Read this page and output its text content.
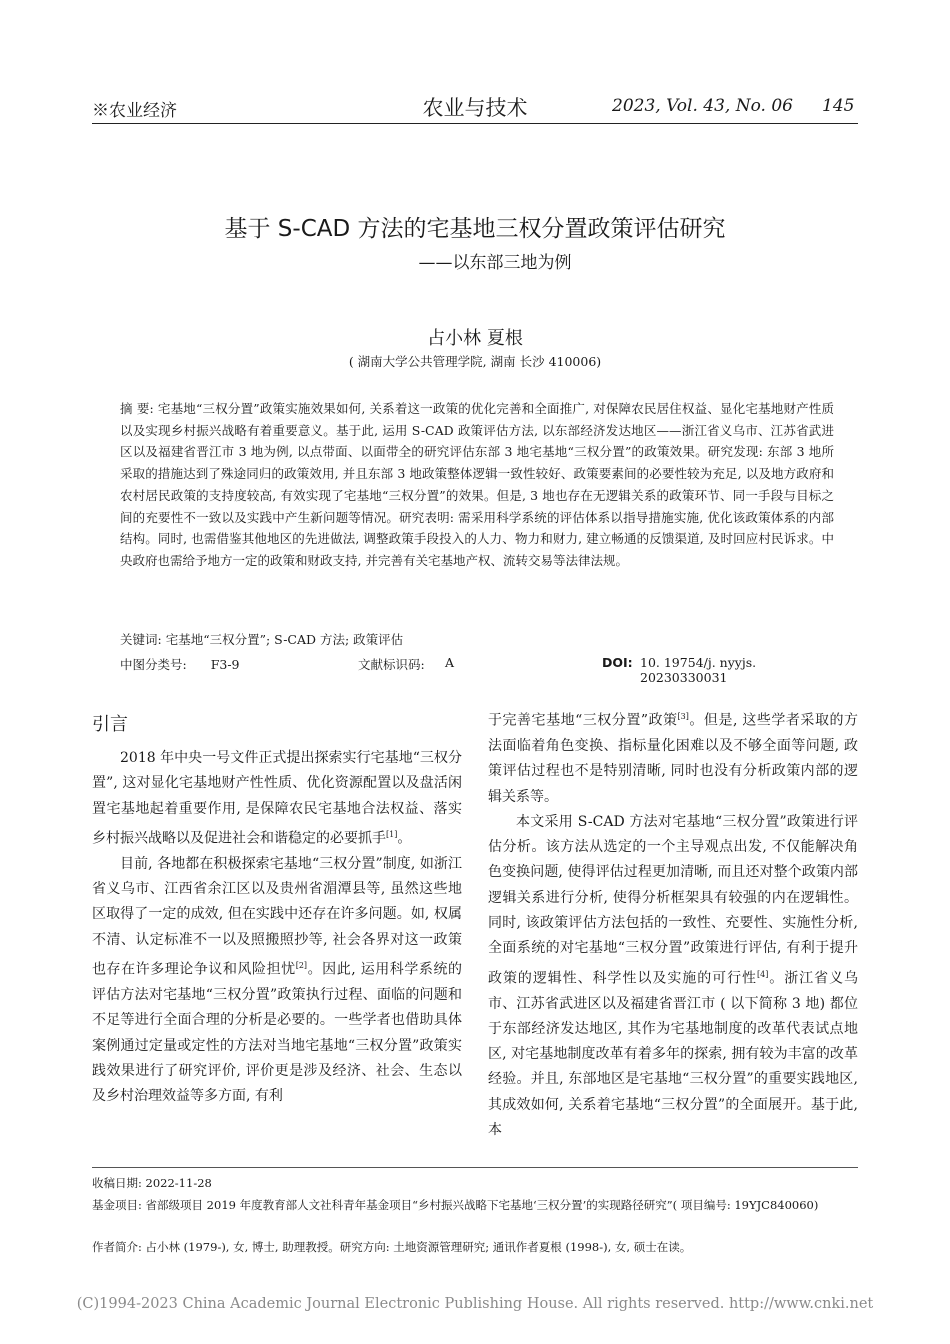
※农业经济	农业与技术	2023, Vol. 43, No. 06 145
基于 S-CAD 方法的宅基地三权分置政策评估研究
——以东部三地为例
占小林 夏根
( 湖南大学公共管理学院, 湖南 长沙 410006)
摘 要: 宅基地“三权分置”政策实施效果如何, 关系着这一政策的优化完善和全面推广, 对保障农民居住权益、显化宅基地财产性质以及实现乡村振兴战略有着重要意义。基于此, 运用 S-CAD 政策评估方法, 以东部经济发达地区——浙江省义乌市、江苏省武进区以及福建省晋江市 3 地为例, 以点带面、以面带全的研究评估东部 3 地宅基地“三权分置”的政策效果。研究发现: 东部 3 地所采取的措施达到了殊途同归的政策效用, 并且东部 3 地政策整体逻辑一致性较好、政策要素间的必要性较为充足, 以及地方政府和农村居民政策的支持度较高, 有效实现了宅基地“三权分置”的效果。但是, 3 地也存在无逻辑关系的政策环节、同一手段与目标之间的充要性不一致以及实践中产生新问题等情况。研究表明: 需采用科学系统的评估体系以指导措施实施, 优化该政策体系的内部结构。同时, 也需借鉴其他地区的先进做法, 调整政策手段投入的人力、物力和财力, 建立畅通的反馈渠道, 及时回应村民诉求。中央政府也需给予地方一定的政策和财政支持, 并完善有关宅基地产权、流转交易等法律法规。
关键词: 宅基地“三权分置”; S-CAD 方法; 政策评估
中图分类号: F3-9	文献标识码: A	DOI: 10. 19754/j. nyyjs. 20230330031
引言

2018 年中央一号文件正式提出探索实行宅基地“三权分置”, 这对显化宅基地财产性性质、优化资源配置以及盘活闲置宅基地起着重要作用, 是保障农民宅基地合法权益、落实乡村振兴战略以及促进社会和谐稳定的必要抓手[1]。

目前, 各地都在积极探索宅基地“三权分置”制度, 如浙江省义乌市、江西省余江区以及贵州省湄潭县等, 虽然这些地区取得了一定的成效, 但在实践中还存在许多问题。如, 权属不清、认定标准不一以及照搬照抄等, 社会各界对这一政策也存在许多理论争议和风险担忧[2]。因此, 运用科学系统的评估方法对宅基地“三权分置”政策执行过程、面临的问题和不足等进行全面合理的分析是必要的。一些学者也借助具体案例通过定量或定性的方法对当地宅基地“三权分置”政策实践效果进行了研究评价, 评价更是涉及经济、社会、生态以及乡村治理效益等多方面, 有利

于完善宅基地“三权分置”政策[3]。但是, 这些学者采取的方法面临着角色变换、指标量化困难以及不够全面等问题, 政策评估过程也不是特别清晰, 同时也没有分析政策内部的逻辑关系等。

本文采用 S-CAD 方法对宅基地“三权分置”政策进行评估分析。该方法从选定的一个主导观点出发, 不仅能解决角色变换问题, 使得评估过程更加清晰, 而且还对整个政策内部逻辑关系进行分析, 使得分析框架具有较强的内在逻辑性。同时, 该政策评估方法包括的一致性、充要性、实施性分析, 全面系统的对宅基地“三权分置”政策进行评估, 有利于提升政策的逻辑性、科学性以及实施的可行性[4]。浙江省义乌市、江苏省武进区以及福建省晋江市 ( 以下简称 3 地) 都位于东部经济发达地区, 其作为宅基地制度的改革代表试点地区, 对宅基地制度改革有着多年的探索, 拥有较为丰富的改革经验。并且, 东部地区是宅基地“三权分置”的重要实践地区, 其成效如何, 关系着宅基地“三权分置”的全面展开。基于此, 本

收稿日期: 2022-11-28
基金项目: 省部级项目 2019 年度教育部人文社科青年基金项目“乡村振兴战略下宅基地‘三权分置’的实现路径研究”( 项目编号: 19YJC840060)
作者简介: 占小林 (1979-), 女, 博士, 助理教授。研究方向: 土地资源管理研究; 通讯作者夏根 (1998-), 女, 硕士在读。
(C)1994-2023 China Academic Journal Electronic Publishing House. All rights reserved. http://www.cnki.net
